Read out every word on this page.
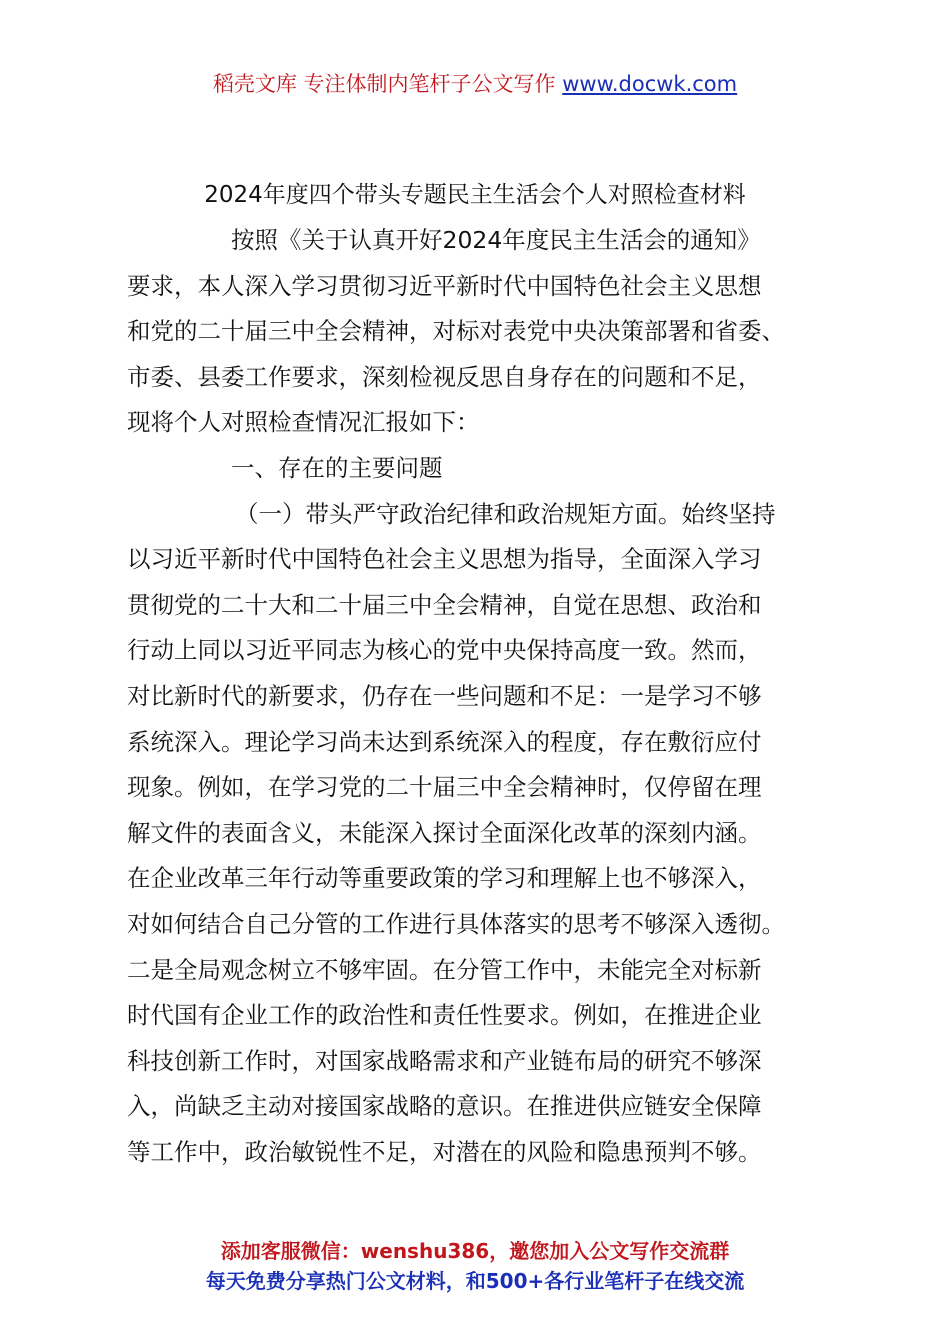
稻壳文库 专注体制内笔杆子公文写作 www.docwk.com
2024年度四个带头专题民主生活会个人对照检查材料

按照《关于认真开好2024年度民主生活会的通知》
要求，本人深入学习贯彻习近平新时代中国特色社会主义思想
和党的二十届三中全会精神，对标对表党中央决策部署和省委、
市委、县委工作要求，深刻检视反思自身存在的问题和不足，
现将个人对照检查情况汇报如下：

一、存在的主要问题

（一）带头严守政治纪律和政治规矩方面。始终坚持
以习近平新时代中国特色社会主义思想为指导，全面深入学习
贯彻党的二十大和二十届三中全会精神，自觉在思想、政治和
行动上同以习近平同志为核心的党中央保持高度一致。然而，
对比新时代的新要求，仍存在一些问题和不足：一是学习不够
系统深入。理论学习尚未达到系统深入的程度，存在敷衍应付
现象。例如，在学习党的二十届三中全会精神时，仅停留在理
解文件的表面含义，未能深入探讨全面深化改革的深刻内涵。
在企业改革三年行动等重要政策的学习和理解上也不够深入，
对如何结合自己分管的工作进行具体落实的思考不够深入透彻。
二是全局观念树立不够牢固。在分管工作中，未能完全对标新
时代国有企业工作的政治性和责任性要求。例如，在推进企业
科技创新工作时，对国家战略需求和产业链布局的研究不够深
入，尚缺乏主动对接国家战略的意识。在推进供应链安全保障
等工作中，政治敏锐性不足，对潜在的风险和隐患预判不够。

添加客服微信：wenshu386，邀您加入公文写作交流群
每天免费分享热门公文材料，和500+各行业笔杆子在线交流
